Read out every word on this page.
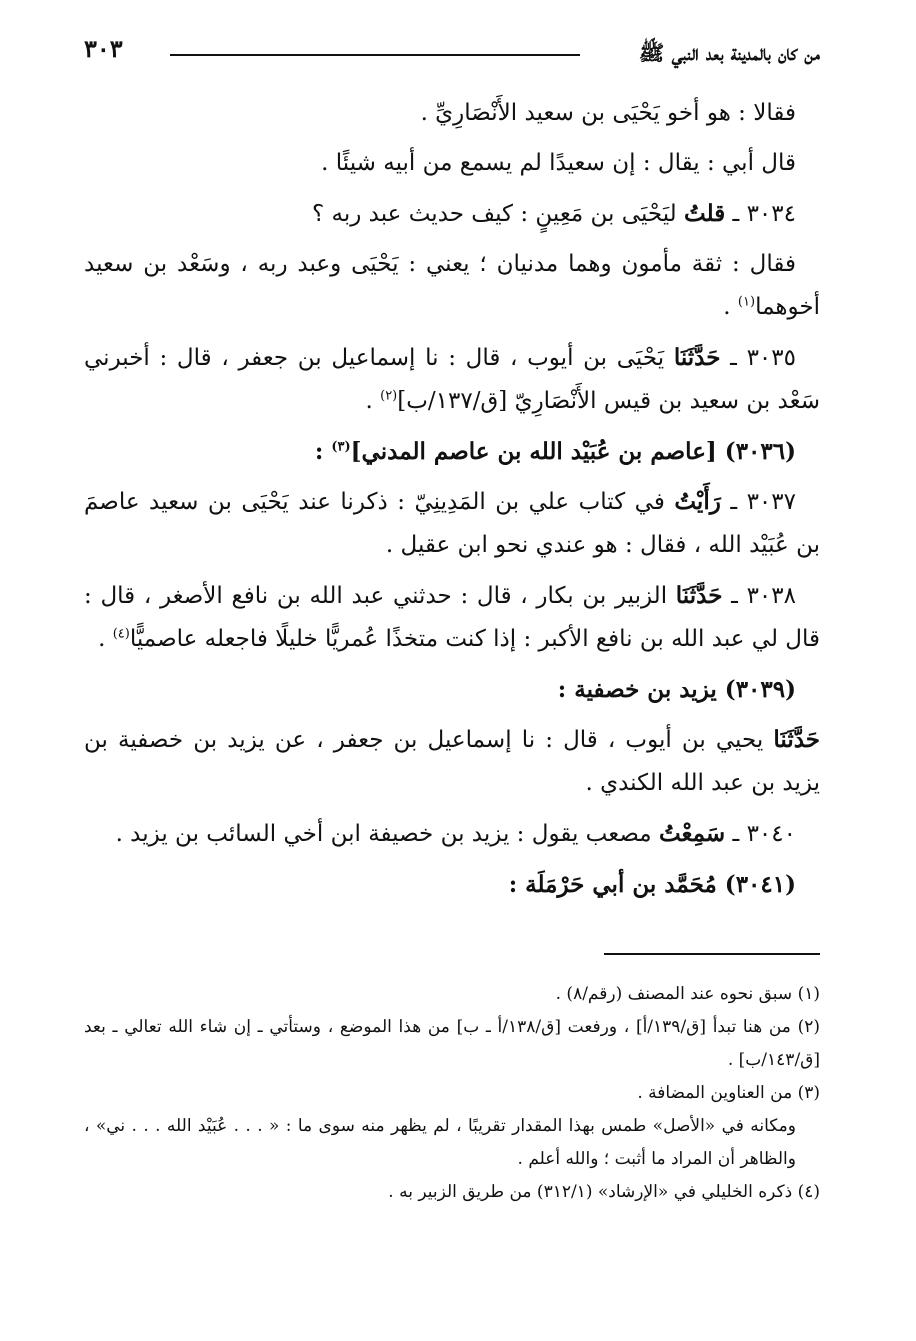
من كان بالمدينة بعد النبي ﷺ
٣٠٣

فقالا : هو أخو يَحْيَى بن سعيد الأَنْصَارِيِّ .

قال أبي : يقال : إن سعيدًا لم يسمع من أبيه شيئًا .

٣٠٣٤ ـ قلتُ ليَحْيَى بن مَعِينٍ : كيف حديث عبد ربه ؟

فقال : ثقة مأمون وهما مدنيان ؛ يعني : يَحْيَى وعبد ربه ، وسَعْد بن سعيد أخوهما$^{(١)}$ .

٣٠٣٥ ـ حَدَّثَنَا يَحْيَى بن أيوب ، قال : نا إسماعيل بن جعفر ، قال : أخبرني سَعْد بن سعيد بن قيس الأَنْصَارِيّ [ق/١٣٧/ب]$^{(٢)}$ .

(٣٠٣٦) [عاصم بن عُبَيْد الله بن عاصم المدني]$^{(٣)}$ :

٣٠٣٧ ـ رَأَيْتُ في كتاب علي بن المَدِينِيّ : ذكرنا عند يَحْيَى بن سعيد عاصمَ بن عُبَيْد الله ، فقال : هو عندي نحو ابن عقيل .

٣٠٣٨ ـ حَدَّثَنَا الزبير بن بكار ، قال : حدثني عبد الله بن نافع الأصغر ، قال : قال لي عبد الله بن نافع الأكبر : إذا كنت متخذًا عُمريًّا خليلًا فاجعله عاصميًّا$^{(٤)}$ .

(٣٠٣٩) يزيد بن خصفية :

حَدَّثَنَا يحيي بن أيوب ، قال : نا إسماعيل بن جعفر ، عن يزيد بن خصفية بن يزيد بن عبد الله الكندي .

٣٠٤٠ ـ سَمِعْتُ مصعب يقول : يزيد بن خصيفة ابن أخي السائب بن يزيد .

(٣٠٤١) مُحَمَّد بن أبي حَرْمَلَة :

(١) سبق نحوه عند المصنف (رقم/٨) .

(٢) من هنا تبدأ [ق/١٣٩/أ] ، ورفعت [ق/١٣٨/أ ـ ب] من هذا الموضع ، وستأتي ـ إن شاء الله تعالي ـ بعد [ق/١٤٣/ب] .

(٣) من العناوين المضافة .

ومكانه في «الأصل» طمس بهذا المقدار تقريبًا ، لم يظهر منه سوى ما : « . . . عُبَيْد الله . . . ني» ، والظاهر أن المراد ما أثبت ؛ والله أعلم .

(٤) ذكره الخليلي في «الإرشاد» (٣١٢/١) من طريق الزبير به .
